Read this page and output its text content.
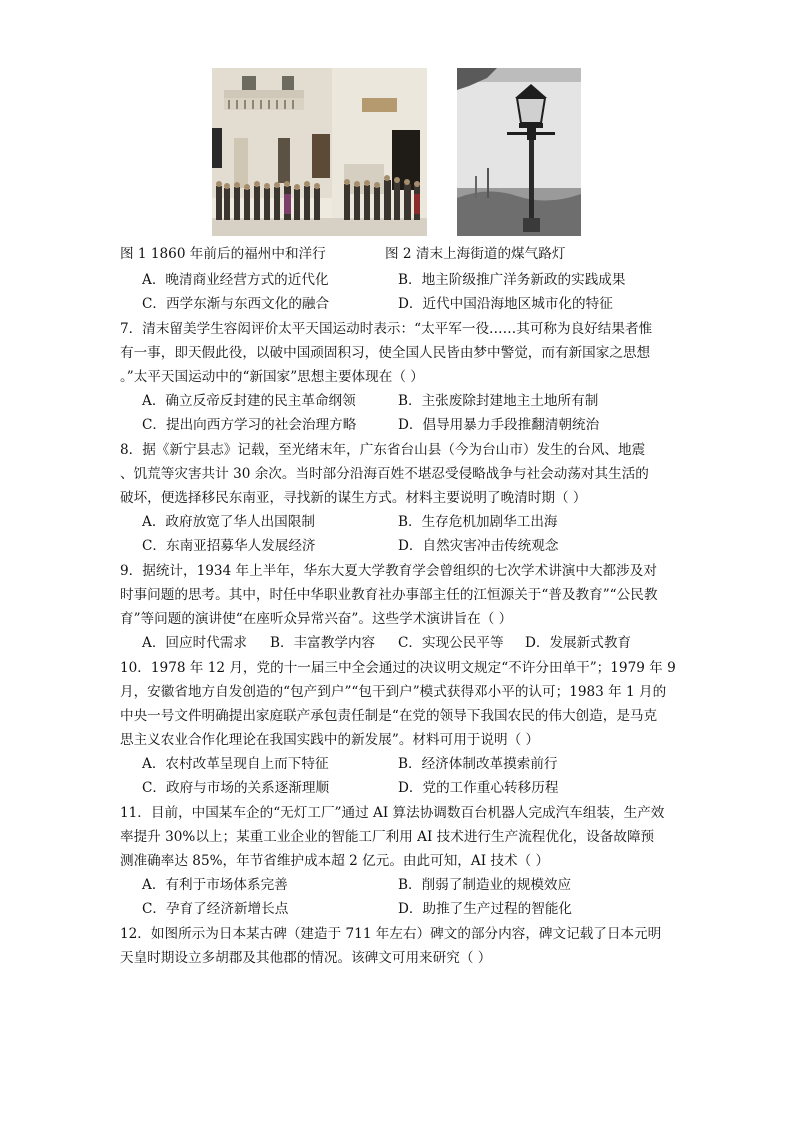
图 1 1860 年前后的福州中和洋行	图 2 清末上海街道的煤气路灯
A．晚清商业经营方式的近代化	B．地主阶级推广洋务新政的实践成果
C．西学东渐与东西文化的融合	D．近代中国沿海地区城市化的特征
7．清末留美学生容闳评价太平天国运动时表示：“太平军一役……其可称为良好结果者惟
有一事，即天假此役，以破中国顽固积习，使全国人民皆由梦中警觉，而有新国家之思想
。”太平天国运动中的“新国家”思想主要体现在（ ）
A．确立反帝反封建的民主革命纲领	B．主张废除封建地主土地所有制
C．提出向西方学习的社会治理方略	D．倡导用暴力手段推翻清朝统治
8．据《新宁县志》记载，至光绪末年，广东省台山县（今为台山市）发生的台风、地震
、饥荒等灾害共计 30 余次。当时部分沿海百姓不堪忍受侵略战争与社会动荡对其生活的
破坏，便选择移民东南亚，寻找新的谋生方式。材料主要说明了晚清时期（ ）
A．政府放宽了华人出国限制	B．生存危机加剧华工出海
C．东南亚招募华人发展经济	D．自然灾害冲击传统观念
9．据统计，1934 年上半年，华东大夏大学教育学会曾组织的七次学术讲演中大都涉及对
时事问题的思考。其中，时任中华职业教育社办事部主任的江恒源关于“普及教育”“公民教
育”等问题的演讲使“在座听众异常兴奋”。这些学术演讲旨在（ ）
A．回应时代需求 B．丰富教学内容 C．实现公民平等 D．发展新式教育
10．1978 年 12 月，党的十一届三中全会通过的决议明文规定“不许分田单干”；1979 年 9
月，安徽省地方自发创造的“包产到户”“包干到户”模式获得邓小平的认可；1983 年 1 月的
中央一号文件明确提出家庭联产承包责任制是“在党的领导下我国农民的伟大创造，是马克
思主义农业合作化理论在我国实践中的新发展”。材料可用于说明（ ）
A．农村改革呈现自上而下特征	B．经济体制改革摸索前行
C．政府与市场的关系逐渐理顺	D．党的工作重心转移历程
11．目前，中国某车企的“无灯工厂”通过 AI 算法协调数百台机器人完成汽车组装，生产效
率提升 30%以上；某重工业企业的智能工厂利用 AI 技术进行生产流程优化，设备故障预
测准确率达 85%，年节省维护成本超 2 亿元。由此可知，AI 技术（ ）
A．有利于市场体系完善	B．削弱了制造业的规模效应
C．孕育了经济新增长点	D．助推了生产过程的智能化
12．如图所示为日本某古碑（建造于 711 年左右）碑文的部分内容，碑文记载了日本元明
天皇时期设立多胡郡及其他郡的情况。该碑文可用来研究（ ）
